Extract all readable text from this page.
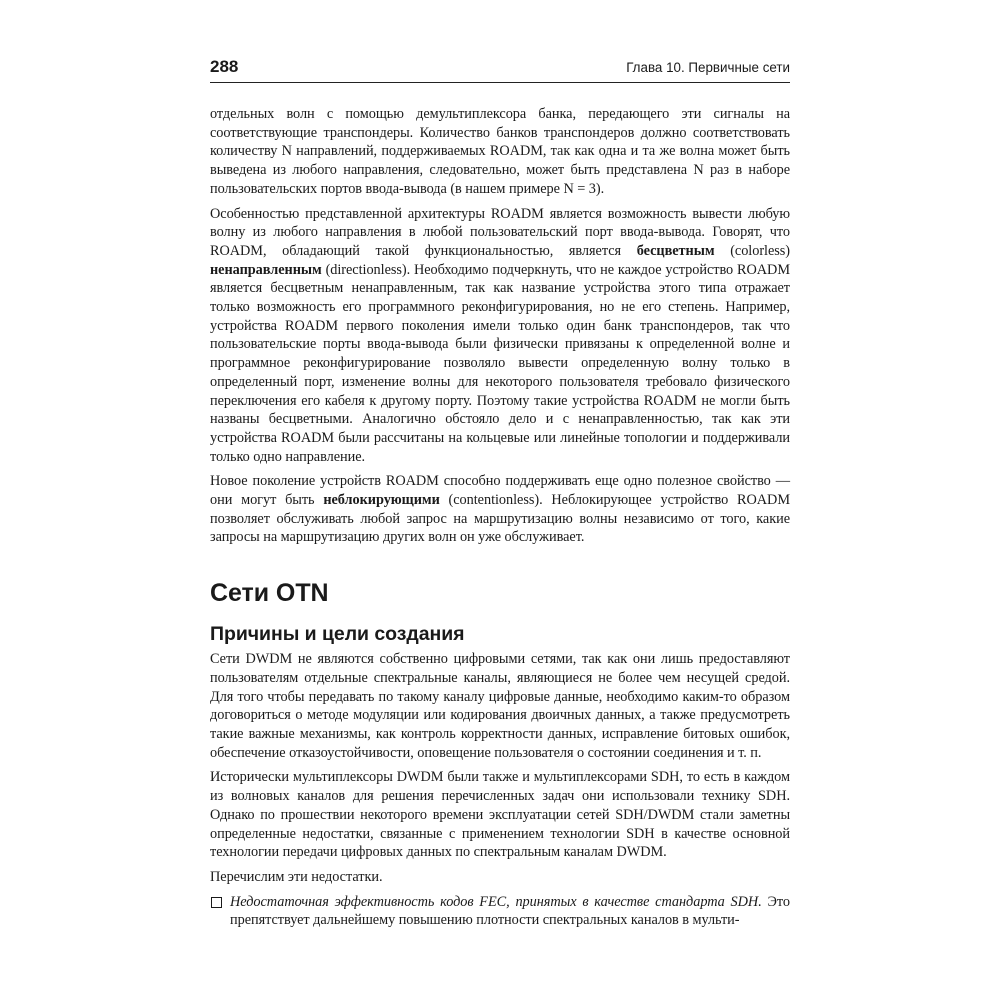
288	Глава 10. Первичные сети

отдельных волн с помощью демультиплексора банка, передающего эти сигналы на соответствующие транспондеры. Количество банков транспондеров должно соответствовать количеству N направлений, поддерживаемых ROADM, так как одна и та же волна может быть выведена из любого направления, следовательно, может быть представлена N раз в наборе пользовательских портов ввода-вывода (в нашем примере N = 3).

Особенностью представленной архитектуры ROADM является возможность вывести любую волну из любого направления в любой пользовательский порт ввода-вывода. Говорят, что ROADM, обладающий такой функциональностью, является бесцветным (colorless) ненаправленным (directionless). Необходимо подчеркнуть, что не каждое устройство ROADM является бесцветным ненаправленным, так как название устройства этого типа отражает только возможность его программного реконфигурирования, но не его степень. Например, устройства ROADM первого поколения имели только один банк транспондеров, так что пользовательские порты ввода-вывода были физически привязаны к определенной волне и программное реконфигурирование позволяло вывести определенную волну только в определенный порт, изменение волны для некоторого пользователя требовало физического переключения его кабеля к другому порту. Поэтому такие устройства ROADM не могли быть названы бесцветными. Аналогично обстояло дело и с ненаправленностью, так как эти устройства ROADM были рассчитаны на кольцевые или линейные топологии и поддерживали только одно направление.

Новое поколение устройств ROADM способно поддерживать еще одно полезное свойство — они могут быть неблокирующими (contentionless). Неблокирующее устройство ROADM позволяет обслуживать любой запрос на маршрутизацию волны независимо от того, какие запросы на маршрутизацию других волн он уже обслуживает.

Сети OTN
Причины и цели создания

Сети DWDM не являются собственно цифровыми сетями, так как они лишь предоставляют пользователям отдельные спектральные каналы, являющиеся не более чем несущей средой. Для того чтобы передавать по такому каналу цифровые данные, необходимо каким-то образом договориться о методе модуляции или кодирования двоичных данных, а также предусмотреть такие важные механизмы, как контроль корректности данных, исправление битовых ошибок, обеспечение отказоустойчивости, оповещение пользователя о состоянии соединения и т. п.

Исторически мультиплексоры DWDM были также и мультиплексорами SDH, то есть в каждом из волновых каналов для решения перечисленных задач они использовали технику SDH. Однако по прошествии некоторого времени эксплуатации сетей SDH/DWDM стали заметны определенные недостатки, связанные с применением технологии SDH в качестве основной технологии передачи цифровых данных по спектральным каналам DWDM.

Перечислим эти недостатки.

Недостаточная эффективность кодов FEC, принятых в качестве стандарта SDH. Это препятствует дальнейшему повышению плотности спектральных каналов в мульти-
